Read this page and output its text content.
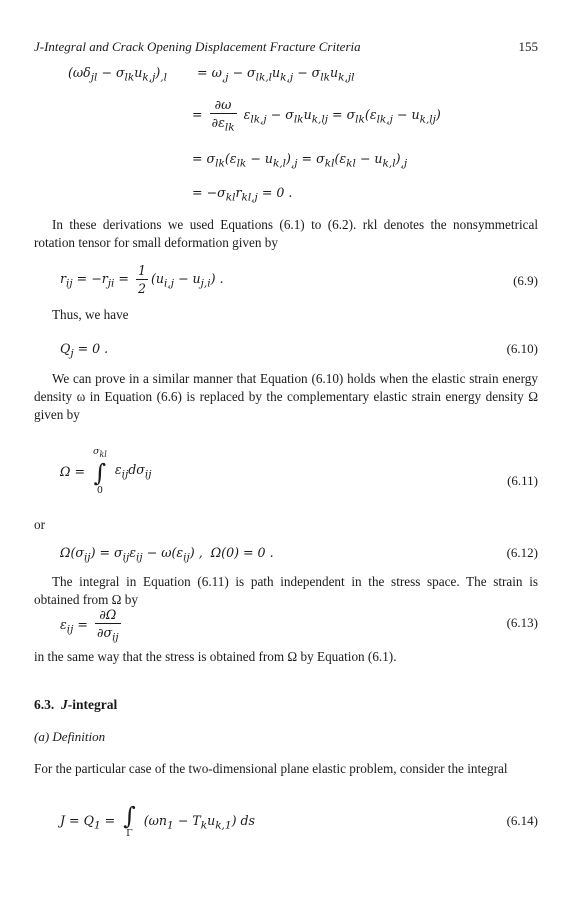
J-Integral and Crack Opening Displacement Fracture Criteria	155
$(\omega\delta_{jl} - \sigma_{lk}u_{k,j})_{,l} = \omega_{,j} - \sigma_{lk,l}u_{k,j} - \sigma_{lk}u_{k,jl}$
= $\frac{\partial\omega}{\partial\varepsilon_{lk}} \varepsilon_{lk,j} - \sigma_{lk}u_{k,lj} = \sigma_{lk}(\varepsilon_{lk,j} - u_{k,lj})$
= $\sigma_{lk}(\varepsilon_{lk} - u_{k,l})_{,j} = \sigma_{kl}(\varepsilon_{kl} - u_{k,l})_{,j}$
= $-\sigma_{kl}r_{kl,j} = 0$ .
In these derivations we used Equations (6.1) to (6.2). rkl denotes the nonsymmetrical rotation tensor for small deformation given by
$r_{ij} = -r_{ji} = \frac{1}{2} (u_{i,j} - u_{j,i})$ .	(6.9)
Thus, we have
$Q_j = 0$ .	(6.10)
We can prove in a similar manner that Equation (6.10) holds when the elastic strain energy density ω in Equation (6.6) is replaced by the complementary elastic strain energy density Ω given by
Ω =
$\sigma_{kl}$
∫
0
$\varepsilon_{ij}d\sigma_{ij}$	(6.11)
or
$\Omega(\sigma_{ij}) = \sigma_{ij}\varepsilon_{ij} - \omega(\varepsilon_{ij})$ ,  Ω(0) = 0 .	(6.12)
The integral in Equation (6.11) is path independent in the stress space. The strain is obtained from Ω by
$\varepsilon_{ij} = \frac{\partial\Omega}{\partial\sigma_{ij}}$	(6.13)
in the same way that the stress is obtained from Ω by Equation (6.1).
6.3.  J-integral
(a) Definition
For the particular case of the two-dimensional plane elastic problem, consider the integral
$J = Q_1$ = ∫
Γ
$(\omega n_1 - T_ku_{k,1})$ ds	(6.14)
